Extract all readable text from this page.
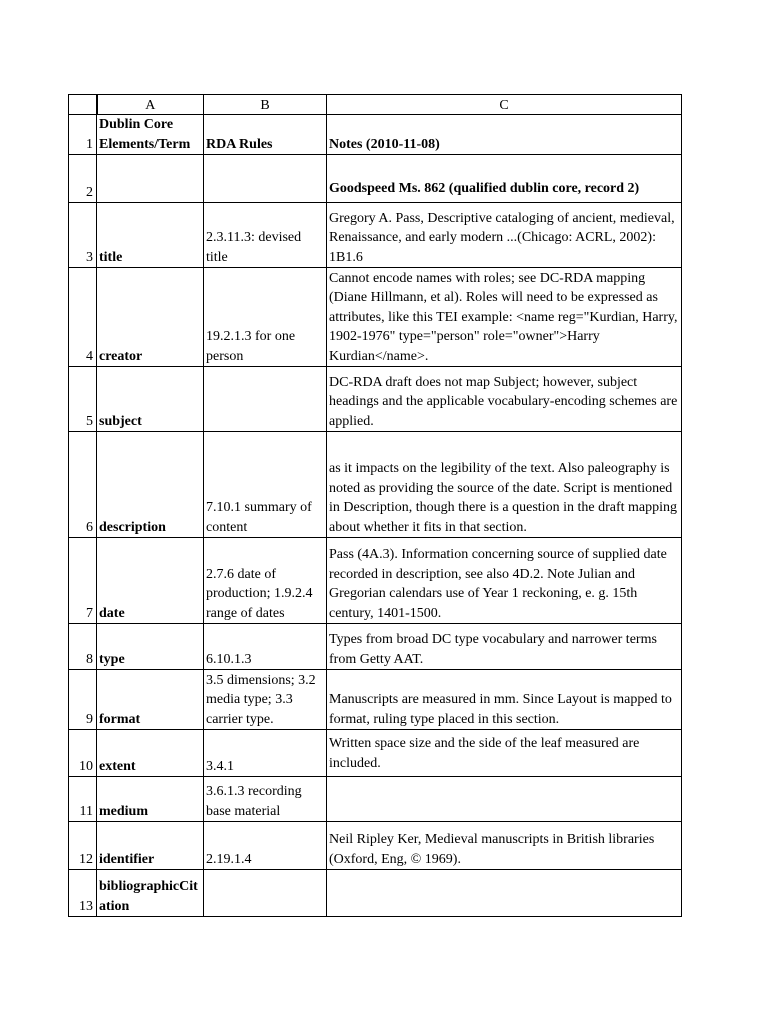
	A	B	C
1	Dublin Core Elements/Term	RDA Rules	Notes (2010-11-08)
2			Goodspeed Ms. 862 (qualified dublin core, record 2)
3	title	2.3.11.3: devised title	Gregory A. Pass, Descriptive cataloging of ancient, medieval, Renaissance, and early modern ...(Chicago: ACRL, 2002): 1B1.6
4	creator	19.2.1.3 for one person	Cannot encode names with roles; see DC-RDA mapping (Diane Hillmann, et al). Roles will need to be expressed as attributes, like this TEI example: <name reg="Kurdian, Harry, 1902-1976" type="person" role="owner">Harry Kurdian</name>.
5	subject		DC-RDA draft does not map Subject; however, subject headings and the applicable vocabulary-encoding schemes are applied.
6	description	7.10.1 summary of content	as it impacts on the legibility of the text. Also paleography is noted as providing the source of the date. Script is mentioned in Description, though there is a question in the draft mapping about whether it fits in that section.
7	date	2.7.6 date of production; 1.9.2.4 range of dates	Pass (4A.3). Information concerning source of supplied date recorded in description, see also 4D.2. Note Julian and Gregorian calendars use of Year 1 reckoning, e. g. 15th century, 1401-1500.
8	type	6.10.1.3	Types from broad DC type vocabulary and narrower terms from Getty AAT.
9	format	3.5 dimensions; 3.2 media type; 3.3 carrier type.	Manuscripts are measured in mm. Since Layout is mapped to format, ruling type placed in this section.
10	extent	3.4.1	Written space size and the side of the leaf measured are included.
11	medium	3.6.1.3 recording base material	
12	identifier	2.19.1.4	Neil Ripley Ker, Medieval manuscripts in British libraries (Oxford, Eng, © 1969).
13	bibliographicCitation		
